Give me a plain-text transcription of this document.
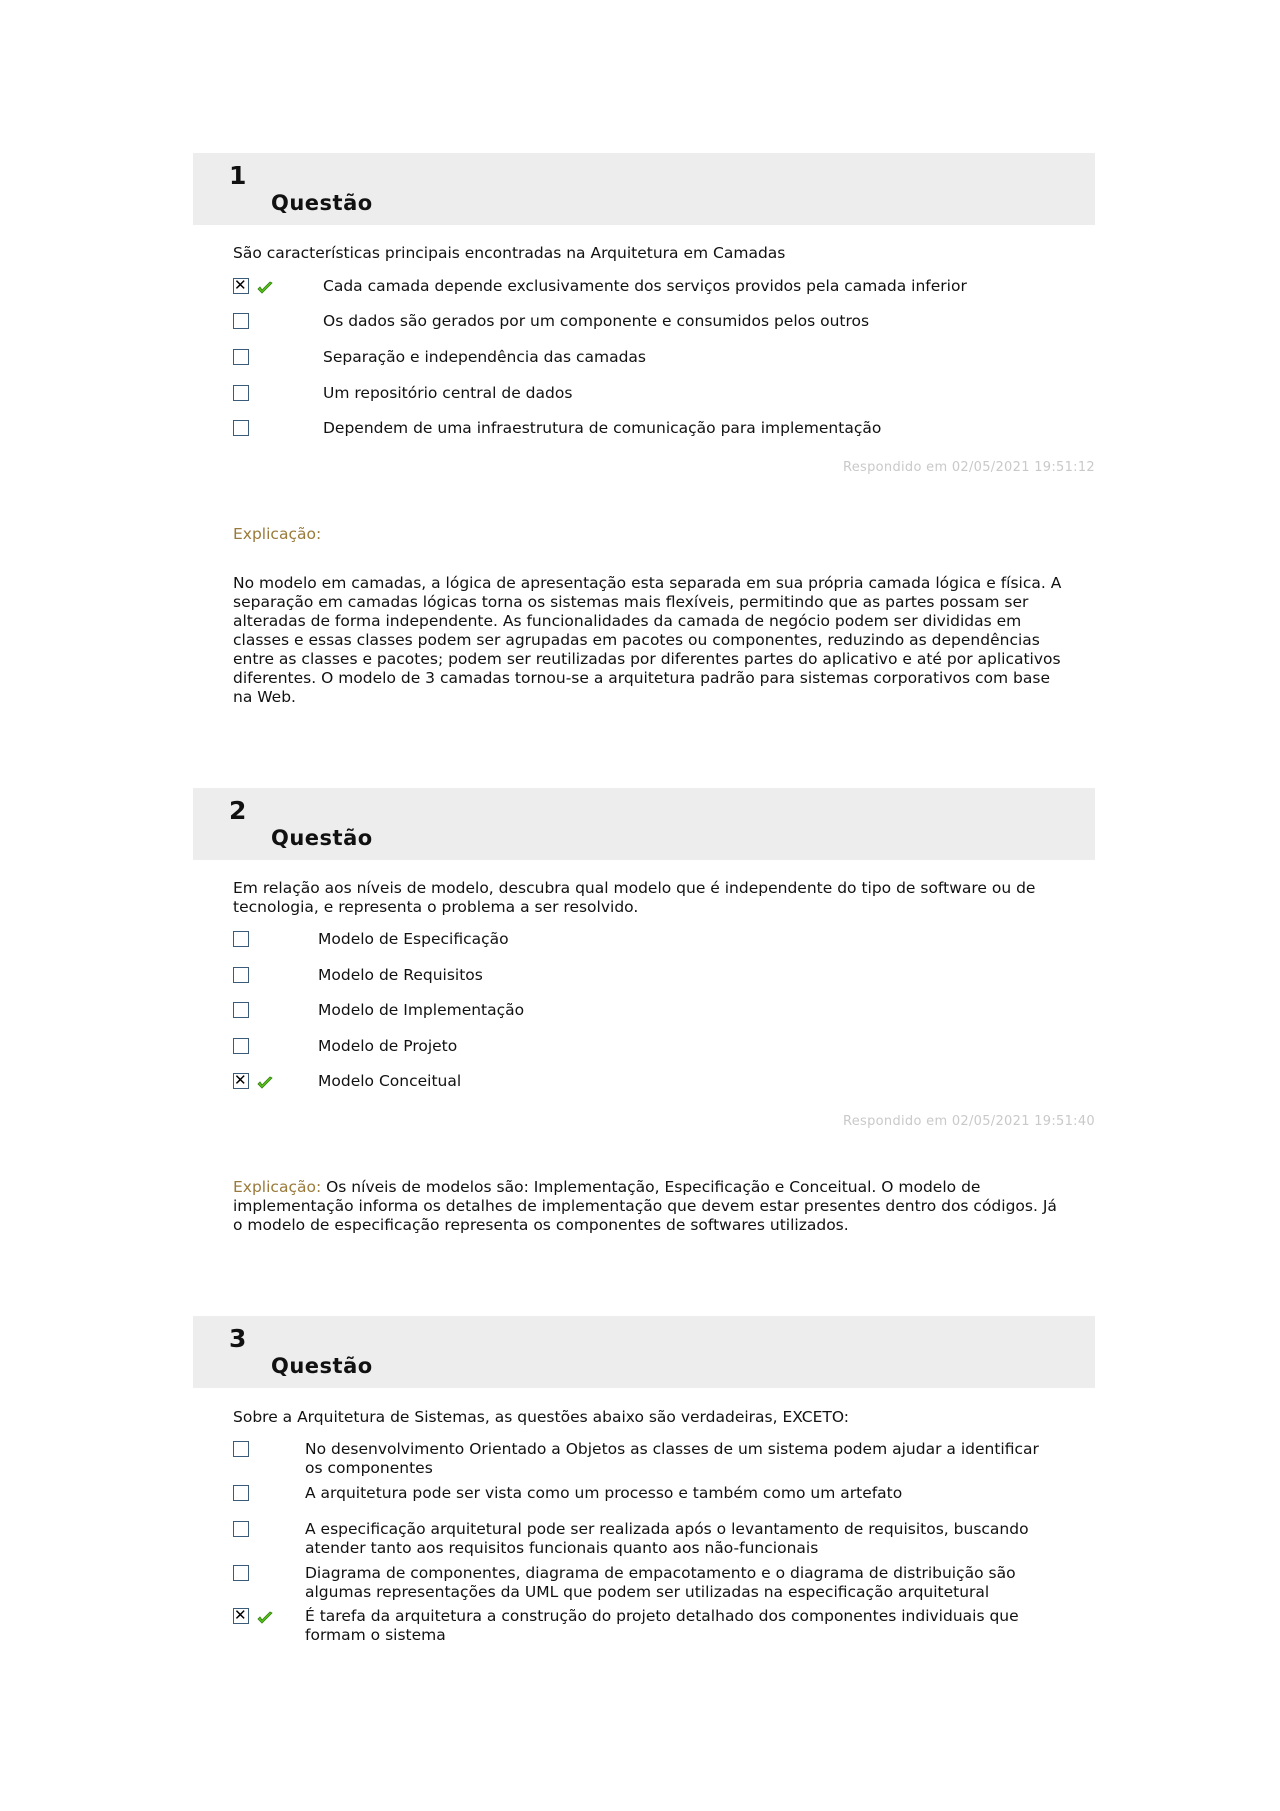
1
Questão
São características principais encontradas na Arquitetura em Camadas
✕
Cada camada depende exclusivamente dos serviços providos pela camada inferior
Os dados são gerados por um componente e consumidos pelos outros
Separação e independência das camadas
Um repositório central de dados
Dependem de uma infraestrutura de comunicação para implementação
Respondido em 02/05/2021 19:51:12
Explicação:
No modelo em camadas, a lógica de apresentação esta separada em sua própria camada lógica e física. A separação em camadas lógicas torna os sistemas mais flexíveis, permitindo que as partes possam ser alteradas de forma independente. As funcionalidades da camada de negócio podem ser divididas em classes e essas classes podem ser agrupadas em pacotes ou componentes, reduzindo as dependências entre as classes e pacotes; podem ser reutilizadas por diferentes partes do aplicativo e até por aplicativos diferentes. O modelo de 3 camadas tornou-se a arquitetura padrão para sistemas corporativos com base na Web.
2
Questão
Em relação aos níveis de modelo, descubra qual modelo que é independente do tipo de software ou de tecnologia, e representa o problema a ser resolvido.
Modelo de Especificação
Modelo de Requisitos
Modelo de Implementação
Modelo de Projeto
✕
Modelo Conceitual
Respondido em 02/05/2021 19:51:40
Explicação: Os níveis de modelos são: Implementação, Especificação e Conceitual. O modelo de implementação informa os detalhes de implementação que devem estar presentes dentro dos códigos. Já o modelo de especificação representa os componentes de softwares utilizados.
3
Questão
Sobre a Arquitetura de Sistemas, as questões abaixo são verdadeiras, EXCETO:
No desenvolvimento Orientado a Objetos as classes de um sistema podem ajudar a identificar os componentes
A arquitetura pode ser vista como um processo e também como um artefato
A especificação arquitetural pode ser realizada após o levantamento de requisitos, buscando atender tanto aos requisitos funcionais quanto aos não-funcionais
Diagrama de componentes, diagrama de empacotamento e o diagrama de distribuição são algumas representações da UML que podem ser utilizadas na especificação arquitetural
✕
É tarefa da arquitetura a construção do projeto detalhado dos componentes individuais que formam o sistema
